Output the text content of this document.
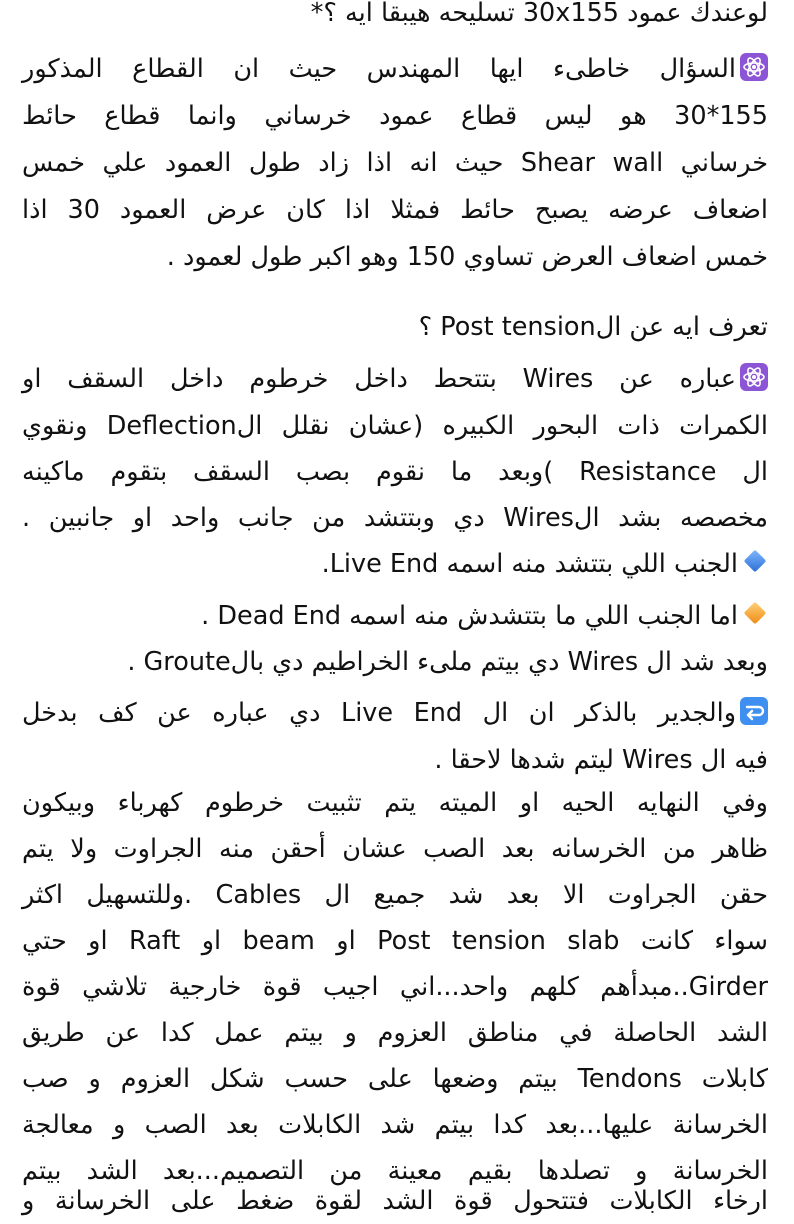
لوعندك عمود 30x155 تسليحه هيبقا ايه ؟*
السؤال خاطىء ايها المهندس حيث ان القطاع المذكور
155*30 هو ليس قطاع عمود خرساني وانما قطاع حائط
خرساني Shear wall حيث انه اذا زاد طول العمود علي خمس
اضعاف عرضه يصبح حائط فمثلا اذا كان عرض العمود 30 اذا
خمس اضعاف العرض تساوي 150 وهو اكبر طول لعمود .
تعرف ايه عن الPost tension ؟
عباره عن Wires بتتحط داخل خرطوم داخل السقف او
الكمرات ذات البحور الكبيره (عشان نقلل الDeflection ونقوي
ال Resistance )وبعد ما نقوم بصب السقف بتقوم ماكينه
مخصصه بشد الWires دي وبتتشد من جانب واحد او جانبين .
الجنب اللي بتتشد منه اسمه Live End.
اما الجنب اللي ما بتتشدش منه اسمه Dead End .
وبعد شد ال Wires دي بيتم ملىء الخراطيم دي بالGroute .
والجدير بالذكر ان ال Live End دي عباره عن كف بدخل
فيه ال Wires ليتم شدها لاحقا .
وفي النهايه الحيه او الميته يتم تثبيت خرطوم كهرباء وبيكون
ظاهر من الخرسانه بعد الصب عشان أحقن منه الجراوت ولا يتم
حقن الجراوت الا بعد شد جميع ال Cables .وللتسهيل اكثر
سواء كانت Post tension slab او beam او Raft او حتي
Girder..مبدأهم كلهم واحد...اني اجيب قوة خارجية تلاشي قوة
الشد الحاصلة في مناطق العزوم و بيتم عمل كدا عن طريق
كابلات Tendons بيتم وضعها على حسب شكل العزوم و صب
الخرسانة عليها...بعد كدا بيتم شد الكابلات بعد الصب و معالجة
الخرسانة و تصلدها بقيم معينة من التصميم...بعد الشد بيتم
ارخاء الكابلات فتتحول قوة الشد لقوة ضغط على الخرسانة و
